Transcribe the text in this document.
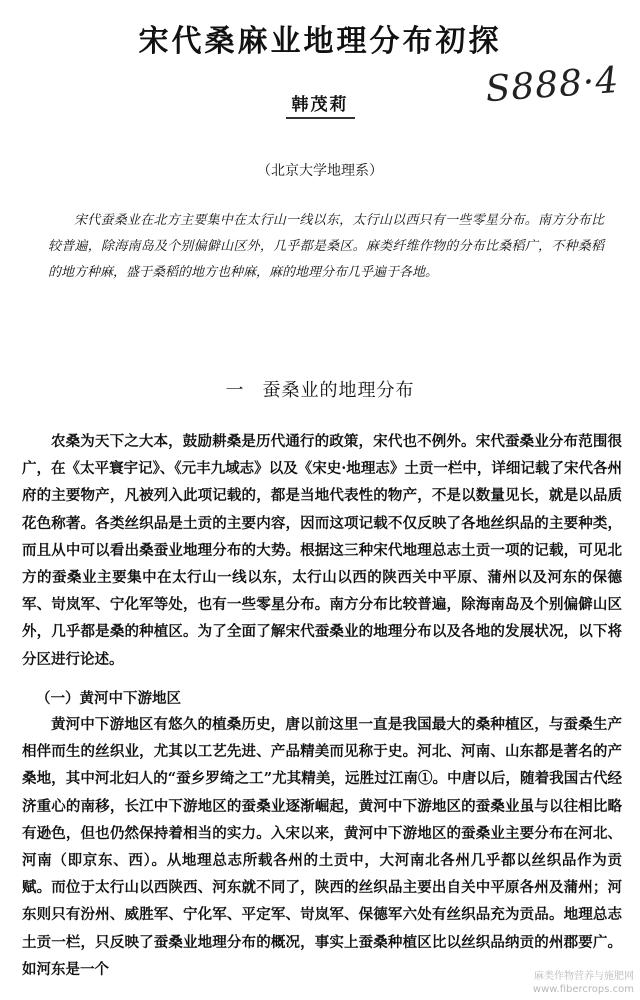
宋代桑麻业地理分布初探
S888·4
韩茂莉
（北京大学地理系）
宋代蚕桑业在北方主要集中在太行山一线以东，太行山以西只有一些零星分布。南方分布比较普遍，除海南岛及个别偏僻山区外，几乎都是桑区。麻类纤维作物的分布比桑稻广，不种桑稻的地方种麻，盛于桑稻的地方也种麻，麻的地理分布几乎遍于各地。
一 蚕桑业的地理分布
农桑为天下之大本，鼓励耕桑是历代通行的政策，宋代也不例外。宋代蚕桑业分布范围很广，在《太平寰宇记》、《元丰九域志》以及《宋史·地理志》土贡一栏中，详细记载了宋代各州府的主要物产，凡被列入此项记载的，都是当地代表性的物产，不是以数量见长，就是以品质花色称著。各类丝织品是土贡的主要内容，因而这项记载不仅反映了各地丝织品的主要种类，而且从中可以看出桑蚕业地理分布的大势。根据这三种宋代地理总志土贡一项的记载，可见北方的蚕桑业主要集中在太行山一线以东，太行山以西的陕西关中平原、蒲州以及河东的保德军、岢岚军、宁化军等处，也有一些零星分布。南方分布比较普遍，除海南岛及个别偏僻山区外，几乎都是桑的种植区。为了全面了解宋代蚕桑业的地理分布以及各地的发展状况，以下将分区进行论述。
（一）黄河中下游地区
黄河中下游地区有悠久的植桑历史，唐以前这里一直是我国最大的桑种植区，与蚕桑生产相伴而生的丝织业，尤其以工艺先进、产品精美而见称于史。河北、河南、山东都是著名的产桑地，其中河北妇人的“蚕乡罗绮之工”尤其精美，远胜过江南①。中唐以后，随着我国古代经济重心的南移，长江中下游地区的蚕桑业逐渐崛起，黄河中下游地区的蚕桑业虽与以往相比略有逊色，但也仍然保持着相当的实力。入宋以来，黄河中下游地区的蚕桑业主要分布在河北、河南（即京东、西）。从地理总志所载各州的土贡中，大河南北各州几乎都以丝织品作为贡赋。而位于太行山以西陕西、河东就不同了，陕西的丝织品主要出自关中平原各州及蒲州；河东则只有汾州、威胜军、宁化军、平定军、岢岚军、保德军六处有丝织品充为贡品。地理总志土贡一栏，只反映了蚕桑业地理分布的概况，事实上蚕桑种植区比以丝织品纳贡的州郡要广。如河东是一个	麻类作物营养与施肥网
www.fibercrops.com
